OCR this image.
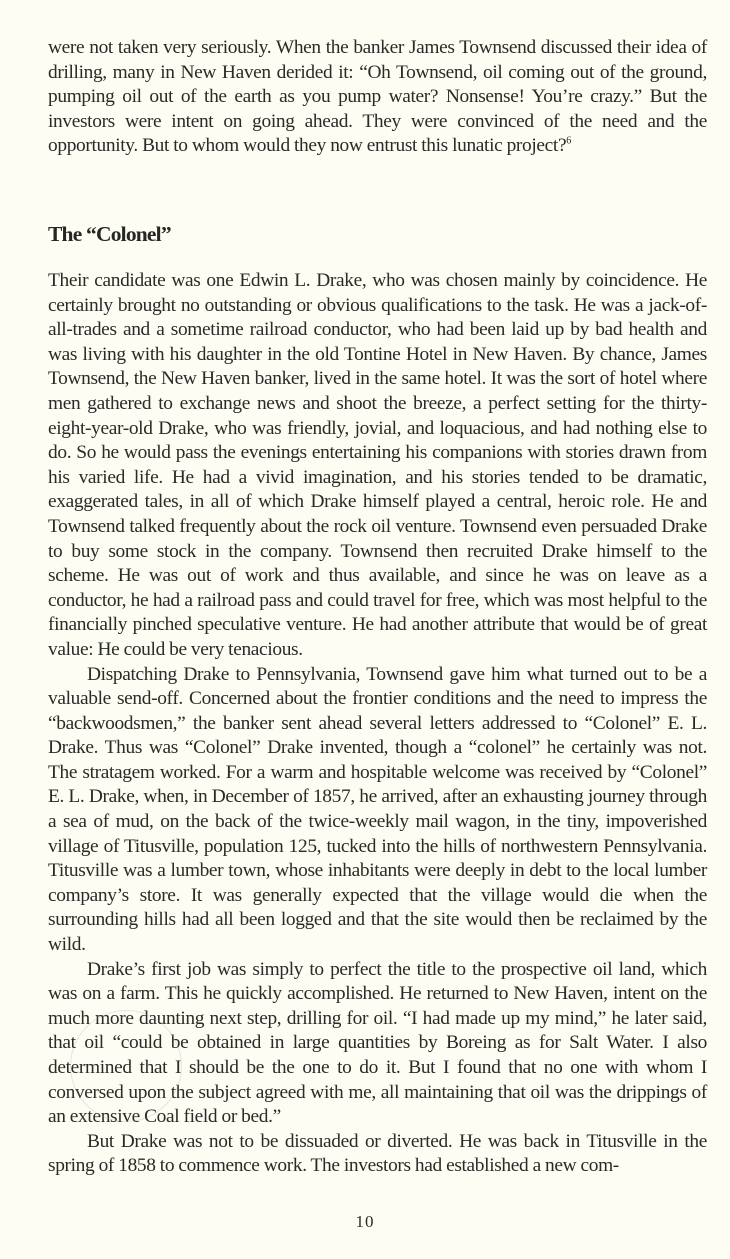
were not taken very seriously. When the banker James Townsend discussed their idea of drilling, many in New Haven derided it: “Oh Townsend, oil coming out of the ground, pumping oil out of the earth as you pump water? Nonsense! You’re crazy.” But the investors were intent on going ahead. They were convinced of the need and the opportunity. But to whom would they now entrust this lunatic project?$^6$

The “Colonel”

Their candidate was one Edwin L. Drake, who was chosen mainly by coincidence. He certainly brought no outstanding or obvious qualifications to the task. He was a jack-of-all-trades and a sometime railroad conductor, who had been laid up by bad health and was living with his daughter in the old Tontine Hotel in New Haven. By chance, James Townsend, the New Haven banker, lived in the same hotel. It was the sort of hotel where men gathered to exchange news and shoot the breeze, a perfect setting for the thirty-eight-year-old Drake, who was friendly, jovial, and loquacious, and had nothing else to do. So he would pass the evenings entertaining his companions with stories drawn from his varied life. He had a vivid imagination, and his stories tended to be dramatic, exaggerated tales, in all of which Drake himself played a central, heroic role. He and Townsend talked frequently about the rock oil venture. Townsend even persuaded Drake to buy some stock in the company. Townsend then recruited Drake himself to the scheme. He was out of work and thus available, and since he was on leave as a conductor, he had a railroad pass and could travel for free, which was most helpful to the financially pinched speculative venture. He had another attribute that would be of great value: He could be very tenacious.

Dispatching Drake to Pennsylvania, Townsend gave him what turned out to be a valuable send-off. Concerned about the frontier conditions and the need to impress the “backwoodsmen,” the banker sent ahead several letters addressed to “Colonel” E. L. Drake. Thus was “Colonel” Drake invented, though a “colonel” he certainly was not. The stratagem worked. For a warm and hospitable welcome was received by “Colonel” E. L. Drake, when, in December of 1857, he arrived, after an exhausting journey through a sea of mud, on the back of the twice-weekly mail wagon, in the tiny, impoverished village of Titusville, population 125, tucked into the hills of northwestern Pennsylvania. Titusville was a lumber town, whose inhabitants were deeply in debt to the local lumber company’s store. It was generally expected that the village would die when the surrounding hills had all been logged and that the site would then be reclaimed by the wild.

Drake’s first job was simply to perfect the title to the prospective oil land, which was on a farm. This he quickly accomplished. He returned to New Haven, intent on the much more daunting next step, drilling for oil. “I had made up my mind,” he later said, that oil “could be obtained in large quantities by Boreing as for Salt Water. I also determined that I should be the one to do it. But I found that no one with whom I conversed upon the subject agreed with me, all maintaining that oil was the drippings of an extensive Coal field or bed.”

But Drake was not to be dissuaded or diverted. He was back in Titusville in the spring of 1858 to commence work. The investors had established a new com-

10
